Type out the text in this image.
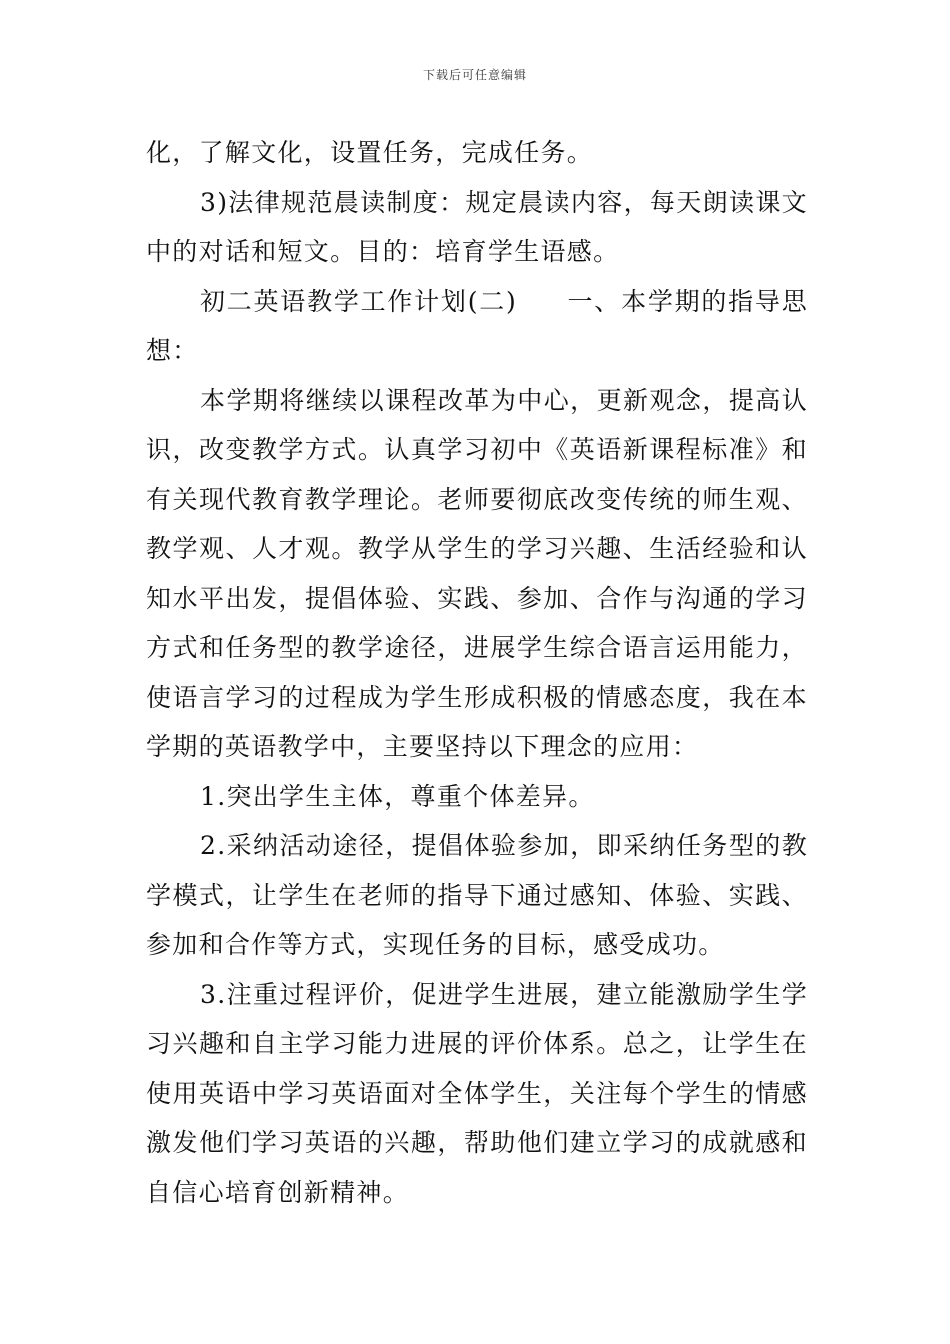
下载后可任意编辑

化，了解文化，设置任务，完成任务。

3)法律规范晨读制度：规定晨读内容，每天朗读课文中的对话和短文。目的：培育学生语感。

初二英语教学工作计划(二) 一、本学期的指导思想：

本学期将继续以课程改革为中心，更新观念，提高认识，改变教学方式。认真学习初中《英语新课程标准》和有关现代教育教学理论。老师要彻底改变传统的师生观、教学观、人才观。教学从学生的学习兴趣、生活经验和认知水平出发，提倡体验、实践、参加、合作与沟通的学习方式和任务型的教学途径，进展学生综合语言运用能力，使语言学习的过程成为学生形成积极的情感态度，我在本学期的英语教学中，主要坚持以下理念的应用：

1.突出学生主体，尊重个体差异。

2.采纳活动途径，提倡体验参加，即采纳任务型的教学模式，让学生在老师的指导下通过感知、体验、实践、参加和合作等方式，实现任务的目标，感受成功。

3.注重过程评价，促进学生进展，建立能激励学生学习兴趣和自主学习能力进展的评价体系。总之，让学生在使用英语中学习英语面对全体学生，关注每个学生的情感激发他们学习英语的兴趣，帮助他们建立学习的成就感和自信心培育创新精神。
